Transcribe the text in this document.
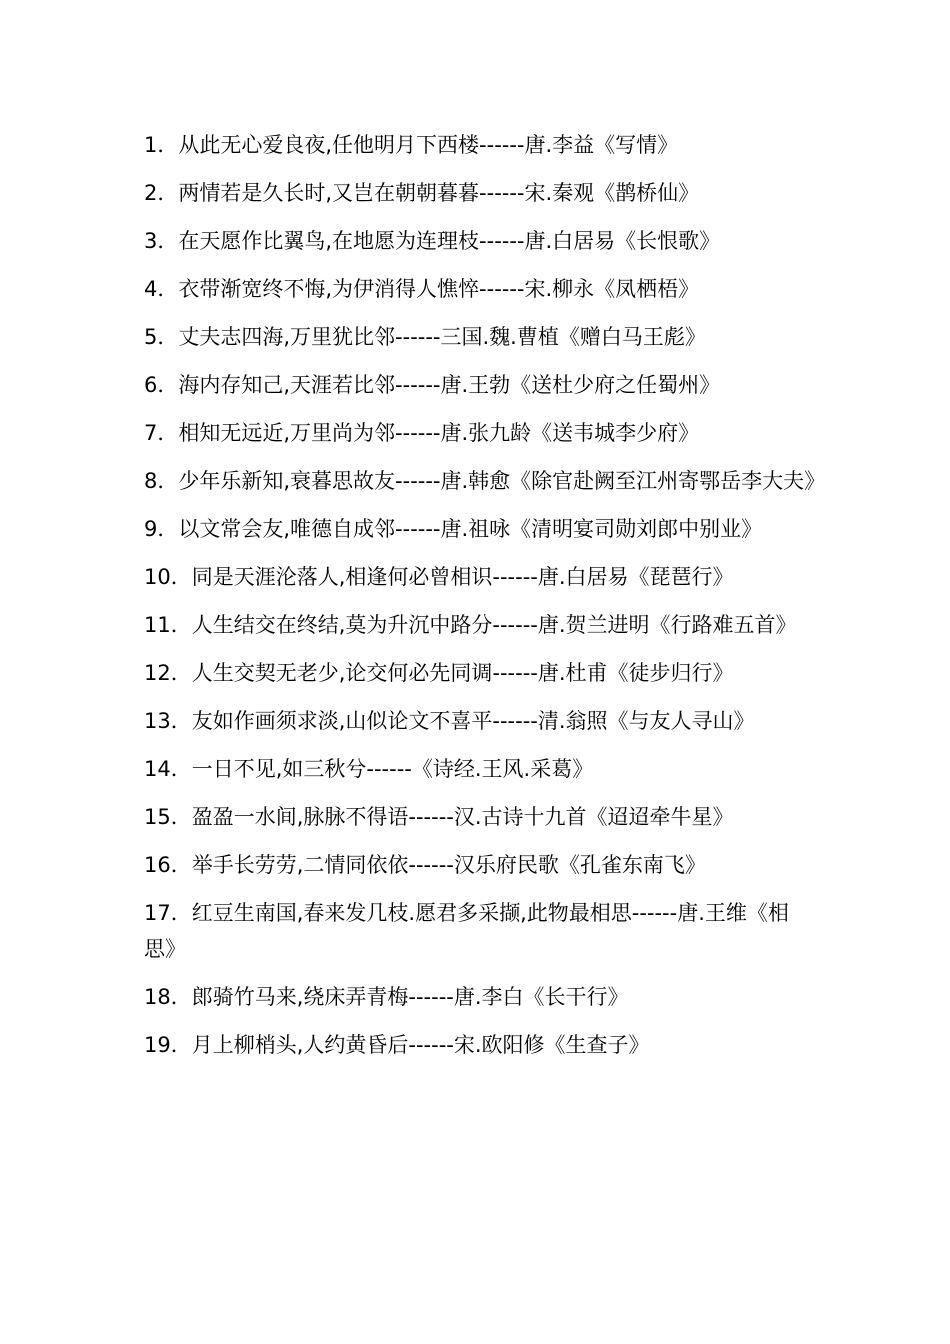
1．从此无心爱良夜,任他明月下西楼------唐.李益《写情》
2．两情若是久长时,又岂在朝朝暮暮------宋.秦观《鹊桥仙》
3．在天愿作比翼鸟,在地愿为连理枝------唐.白居易《长恨歌》
4．衣带渐宽终不悔,为伊消得人憔悴------宋.柳永《凤栖梧》
5．丈夫志四海,万里犹比邻------三国.魏.曹植《赠白马王彪》
6．海内存知己,天涯若比邻------唐.王勃《送杜少府之任蜀州》
7．相知无远近,万里尚为邻------唐.张九龄《送韦城李少府》
8．少年乐新知,衰暮思故友------唐.韩愈《除官赴阙至江州寄鄂岳李大夫》
9．以文常会友,唯德自成邻------唐.祖咏《清明宴司勋刘郎中别业》
10．同是天涯沦落人,相逢何必曾相识------唐.白居易《琵琶行》
11．人生结交在终结,莫为升沉中路分------唐.贺兰进明《行路难五首》
12．人生交契无老少,论交何必先同调------唐.杜甫《徒步归行》
13．友如作画须求淡,山似论文不喜平------清.翁照《与友人寻山》
14．一日不见,如三秋兮------《诗经.王风.采葛》
15．盈盈一水间,脉脉不得语------汉.古诗十九首《迢迢牵牛星》
16．举手长劳劳,二情同依依------汉乐府民歌《孔雀东南飞》
17．红豆生南国,春来发几枝.愿君多采撷,此物最相思------唐.王维《相思》
18．郎骑竹马来,绕床弄青梅------唐.李白《长干行》
19．月上柳梢头,人约黄昏后------宋.欧阳修《生查子》
